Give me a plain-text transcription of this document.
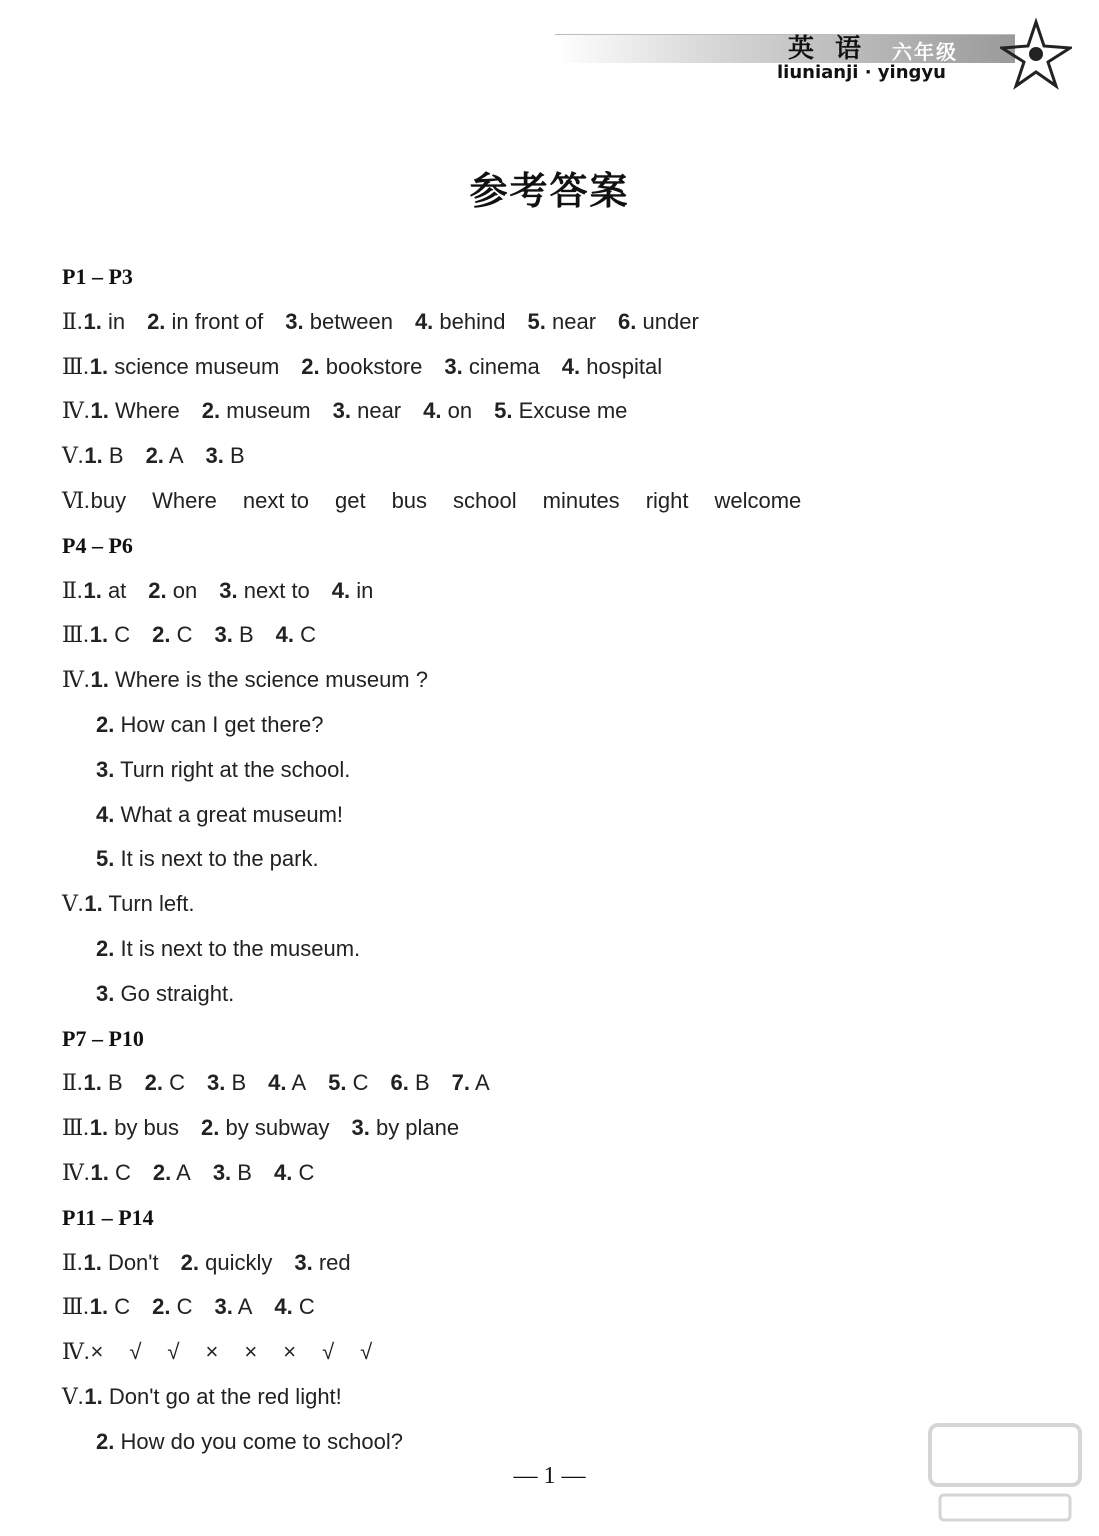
英 语 六年级
liunianji · yingyu
参考答案
P1 – P3
Ⅱ.1. in 2. in front of 3. between 4. behind 5. near 6. under
Ⅲ.1. science museum 2. bookstore 3. cinema 4. hospital
Ⅳ.1. Where 2. museum 3. near 4. on 5. Excuse me
Ⅴ.1. B 2. A 3. B
Ⅵ.buy Where next to get bus school minutes right welcome
P4 – P6
Ⅱ.1. at 2. on 3. next to 4. in
Ⅲ.1. C 2. C 3. B 4. C
Ⅳ.1. Where is the science museum ?
2. How can I get there?
3. Turn right at the school.
4. What a great museum!
5. It is next to the park.
Ⅴ.1. Turn left.
2. It is next to the museum.
3. Go straight.
P7 – P10
Ⅱ.1. B 2. C 3. B 4. A 5. C 6. B 7. A
Ⅲ.1. by bus 2. by subway 3. by plane
Ⅳ.1. C 2. A 3. B 4. C
P11 – P14
Ⅱ.1. Don't 2. quickly 3. red
Ⅲ.1. C 2. C 3. A 4. C
Ⅳ.× √ √ × × × √ √
Ⅴ.1. Don't go at the red light!
2. How do you come to school?
— 1 —
